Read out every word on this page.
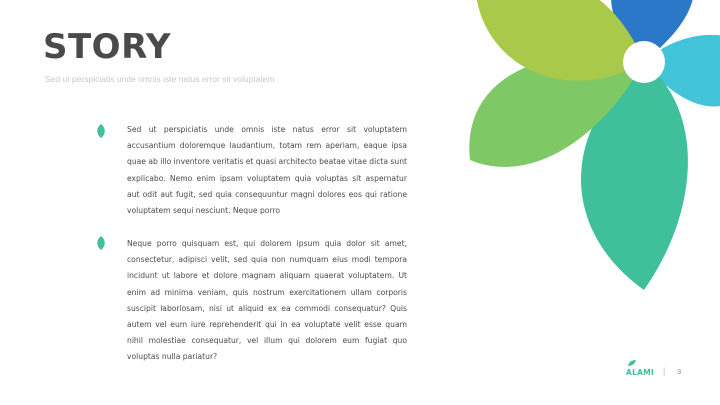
STORY
Sed ut perspiciatis unde omnis iste natus error sit voluptatem

Sed ut perspiciatis unde omnis iste natus error sit voluptatem accusantium doloremque laudantium, totam rem aperiam, eaque ipsa quae ab illo inventore veritatis et quasi architecto beatae vitae dicta sunt explicabo. Nemo enim ipsam voluptatem quia voluptas sit aspernatur aut odit aut fugit, sed quia consequuntur magni dolores eos qui ratione voluptatem sequi nesciunt. Neque porro

Neque porro quisquam est, qui dolorem ipsum quia dolor sit amet, consectetur, adipisci velit, sed quia non numquam eius modi tempora incidunt ut labore et dolore magnam aliquam quaerat voluptatem. Ut enim ad minima veniam, quis nostrum exercitationem ullam corporis suscipit laboriosam, nisi ut aliquid ex ea commodi consequatur? Quis autem vel eum iure reprehenderit qui in ea voluptate velit esse quam nihil molestiae consequatur, vel illum qui dolorem eum fugiat quo voluptas nulla pariatur?

ALAMI | 3
